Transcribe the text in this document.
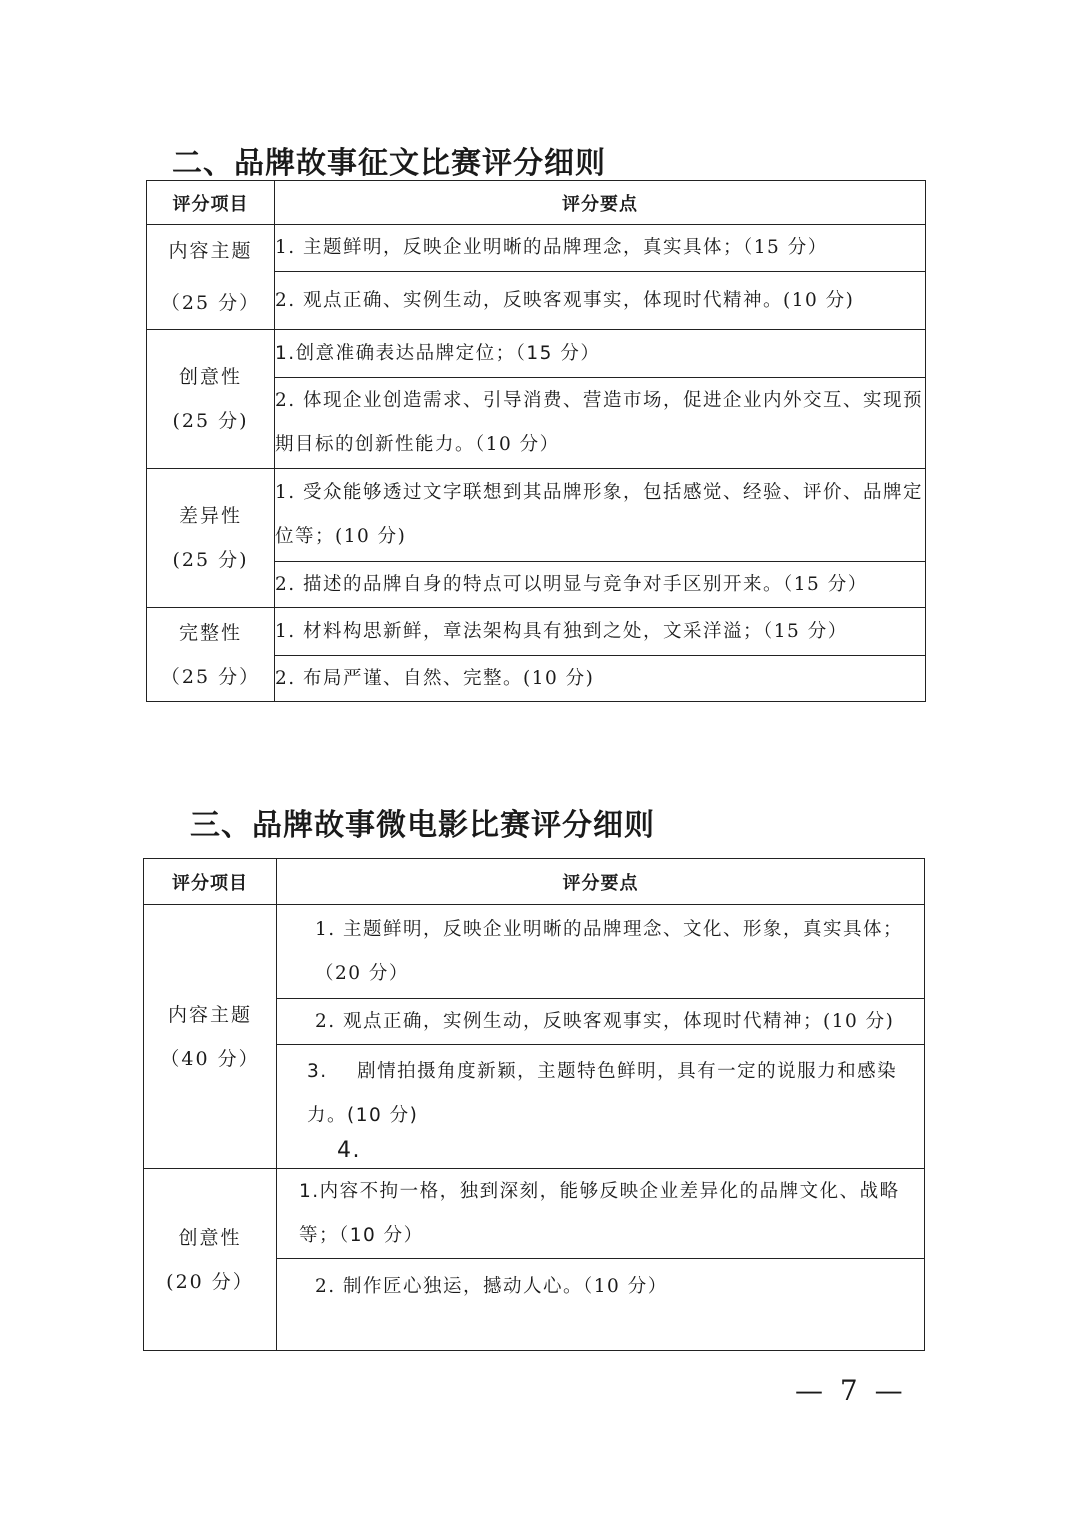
二、品牌故事征文比赛评分细则
评分项目	评分要点

内容主题
（25 分）	1. 主题鲜明，反映企业明晰的品牌理念，真实具体；（15 分）
	2. 观点正确、实例生动，反映客观事实，体现时代精神。(10 分)

创意性
(25 分)	1.创意准确表达品牌定位；（15 分）
	2. 体现企业创造需求、引导消费、营造市场，促进企业内外交互、实现预期目标的创新性能力。（10 分）

差异性
(25 分)	1. 受众能够透过文字联想到其品牌形象，包括感觉、经验、评价、品牌定位等；(10 分)
	2. 描述的品牌自身的特点可以明显与竞争对手区别开来。（15 分）

完整性
（25 分）	1. 材料构思新鲜，章法架构具有独到之处，文采洋溢；（15 分）
	2. 布局严谨、自然、完整。(10 分)
三、品牌故事微电影比赛评分细则
评分项目	评分要点

内容主题
（40 分）	1. 主题鲜明，反映企业明晰的品牌理念、文化、形象，真实具体；（20 分）
	2. 观点正确，实例生动，反映客观事实，体现时代精神；(10 分)
	3.    剧情拍摄角度新颖，主题特色鲜明，具有一定的说服力和感染力。(10 分)
4.

创意性
(20 分）	1.内容不拘一格，独到深刻，能够反映企业差异化的品牌文化、战略等；（10 分）
	2. 制作匠心独运，撼动人心。（10 分）
— 7 —
